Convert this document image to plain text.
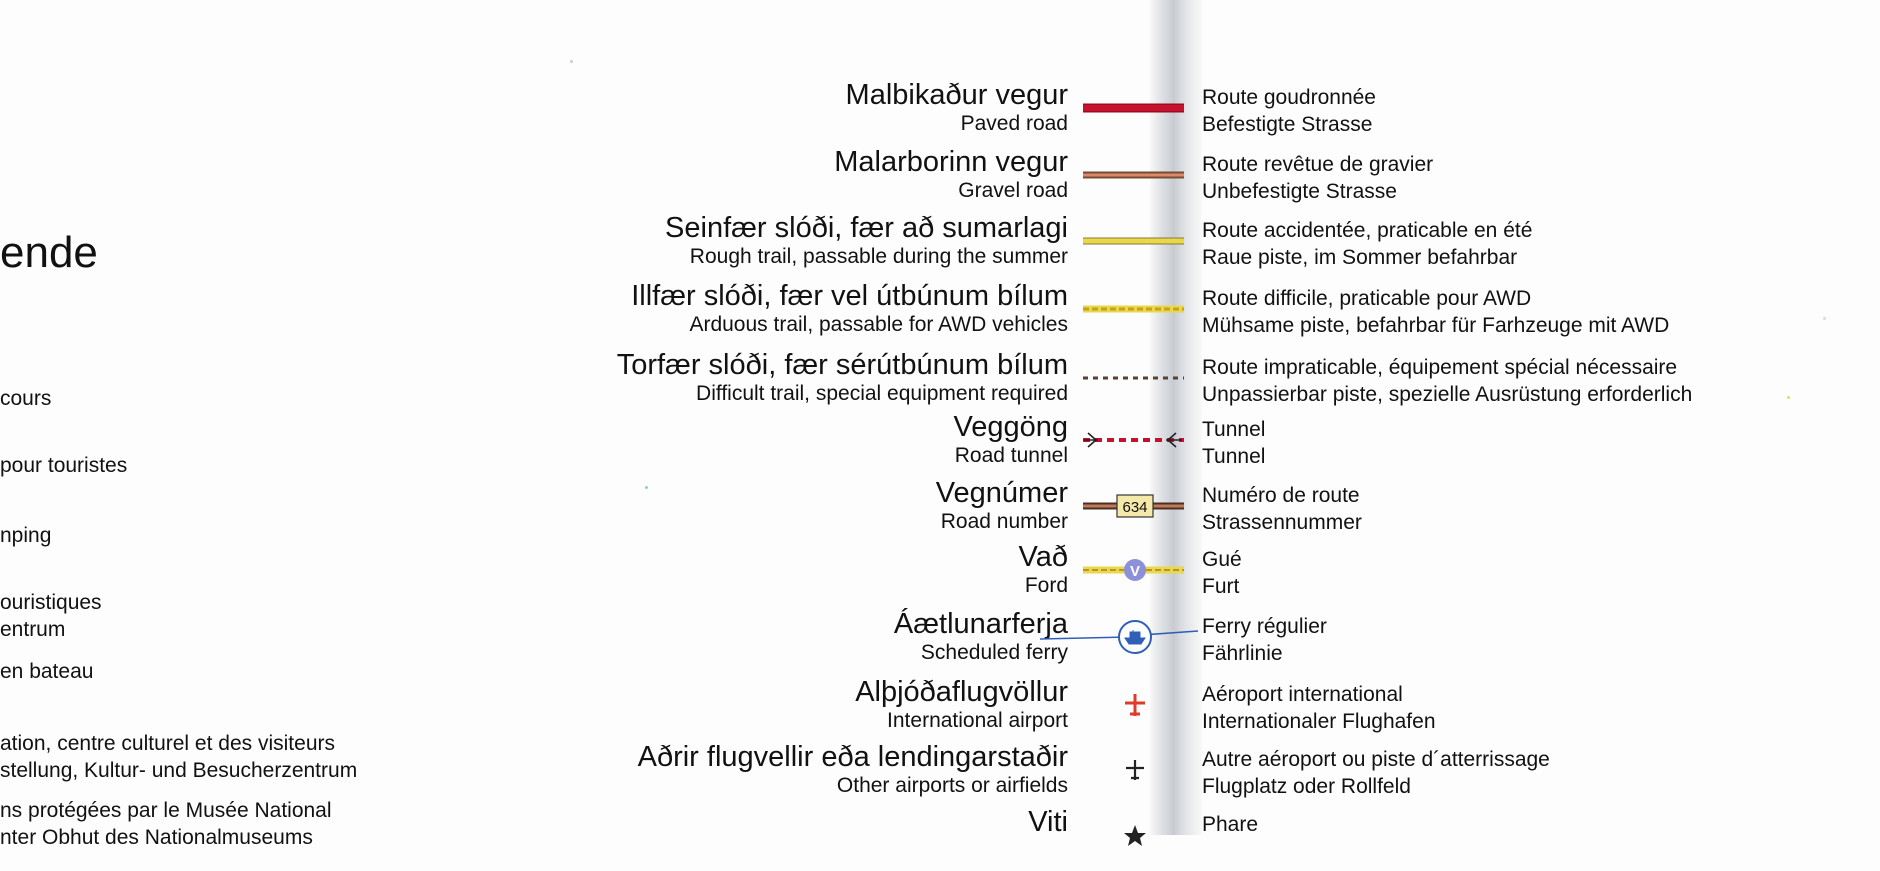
ende
cours
pour touristes
nping
ouristiques
entrum
en bateau
ation, centre culturel et des visiteurs
stellung, Kultur- und Besucherzentrum
ns protégées par le Musée National
nter Obhut des Nationalmuseums
Malbikaður vegur
Paved road
Route goudronnée
Befestigte Strasse
Malarborinn vegur
Gravel road
Route revêtue de gravier
Unbefestigte Strasse
Seinfær slóði, fær að sumarlagi
Rough trail, passable during the summer
Route accidentée, praticable en été
Raue piste, im Sommer befahrbar
Illfær slóði, fær vel útbúnum bílum
Arduous trail, passable for AWD vehicles
Route difficile, praticable pour AWD
Mühsame piste, befahrbar für Farhzeuge mit AWD
Torfær slóði, fær sérútbúnum bílum
Difficult trail, special equipment required
Route impraticable, équipement spécial nécessaire
Unpassierbar piste, spezielle Ausrüstung erforderlich
Veggöng
Road tunnel
Tunnel
Tunnel
Vegnúmer
Road number
Numéro de route
Strassennummer
634
Vað
Ford
Gué
Furt
V
Áætlunarferja
Scheduled ferry
Ferry régulier
Fährlinie
Alþjóðaflugvöllur
International airport
Aéroport international
Internationaler Flughafen
Aðrir flugvellir eða lendingarstaðir
Other airports or airfields
Autre aéroport ou piste d´atterrissage
Flugplatz oder Rollfeld
Viti	Phare
